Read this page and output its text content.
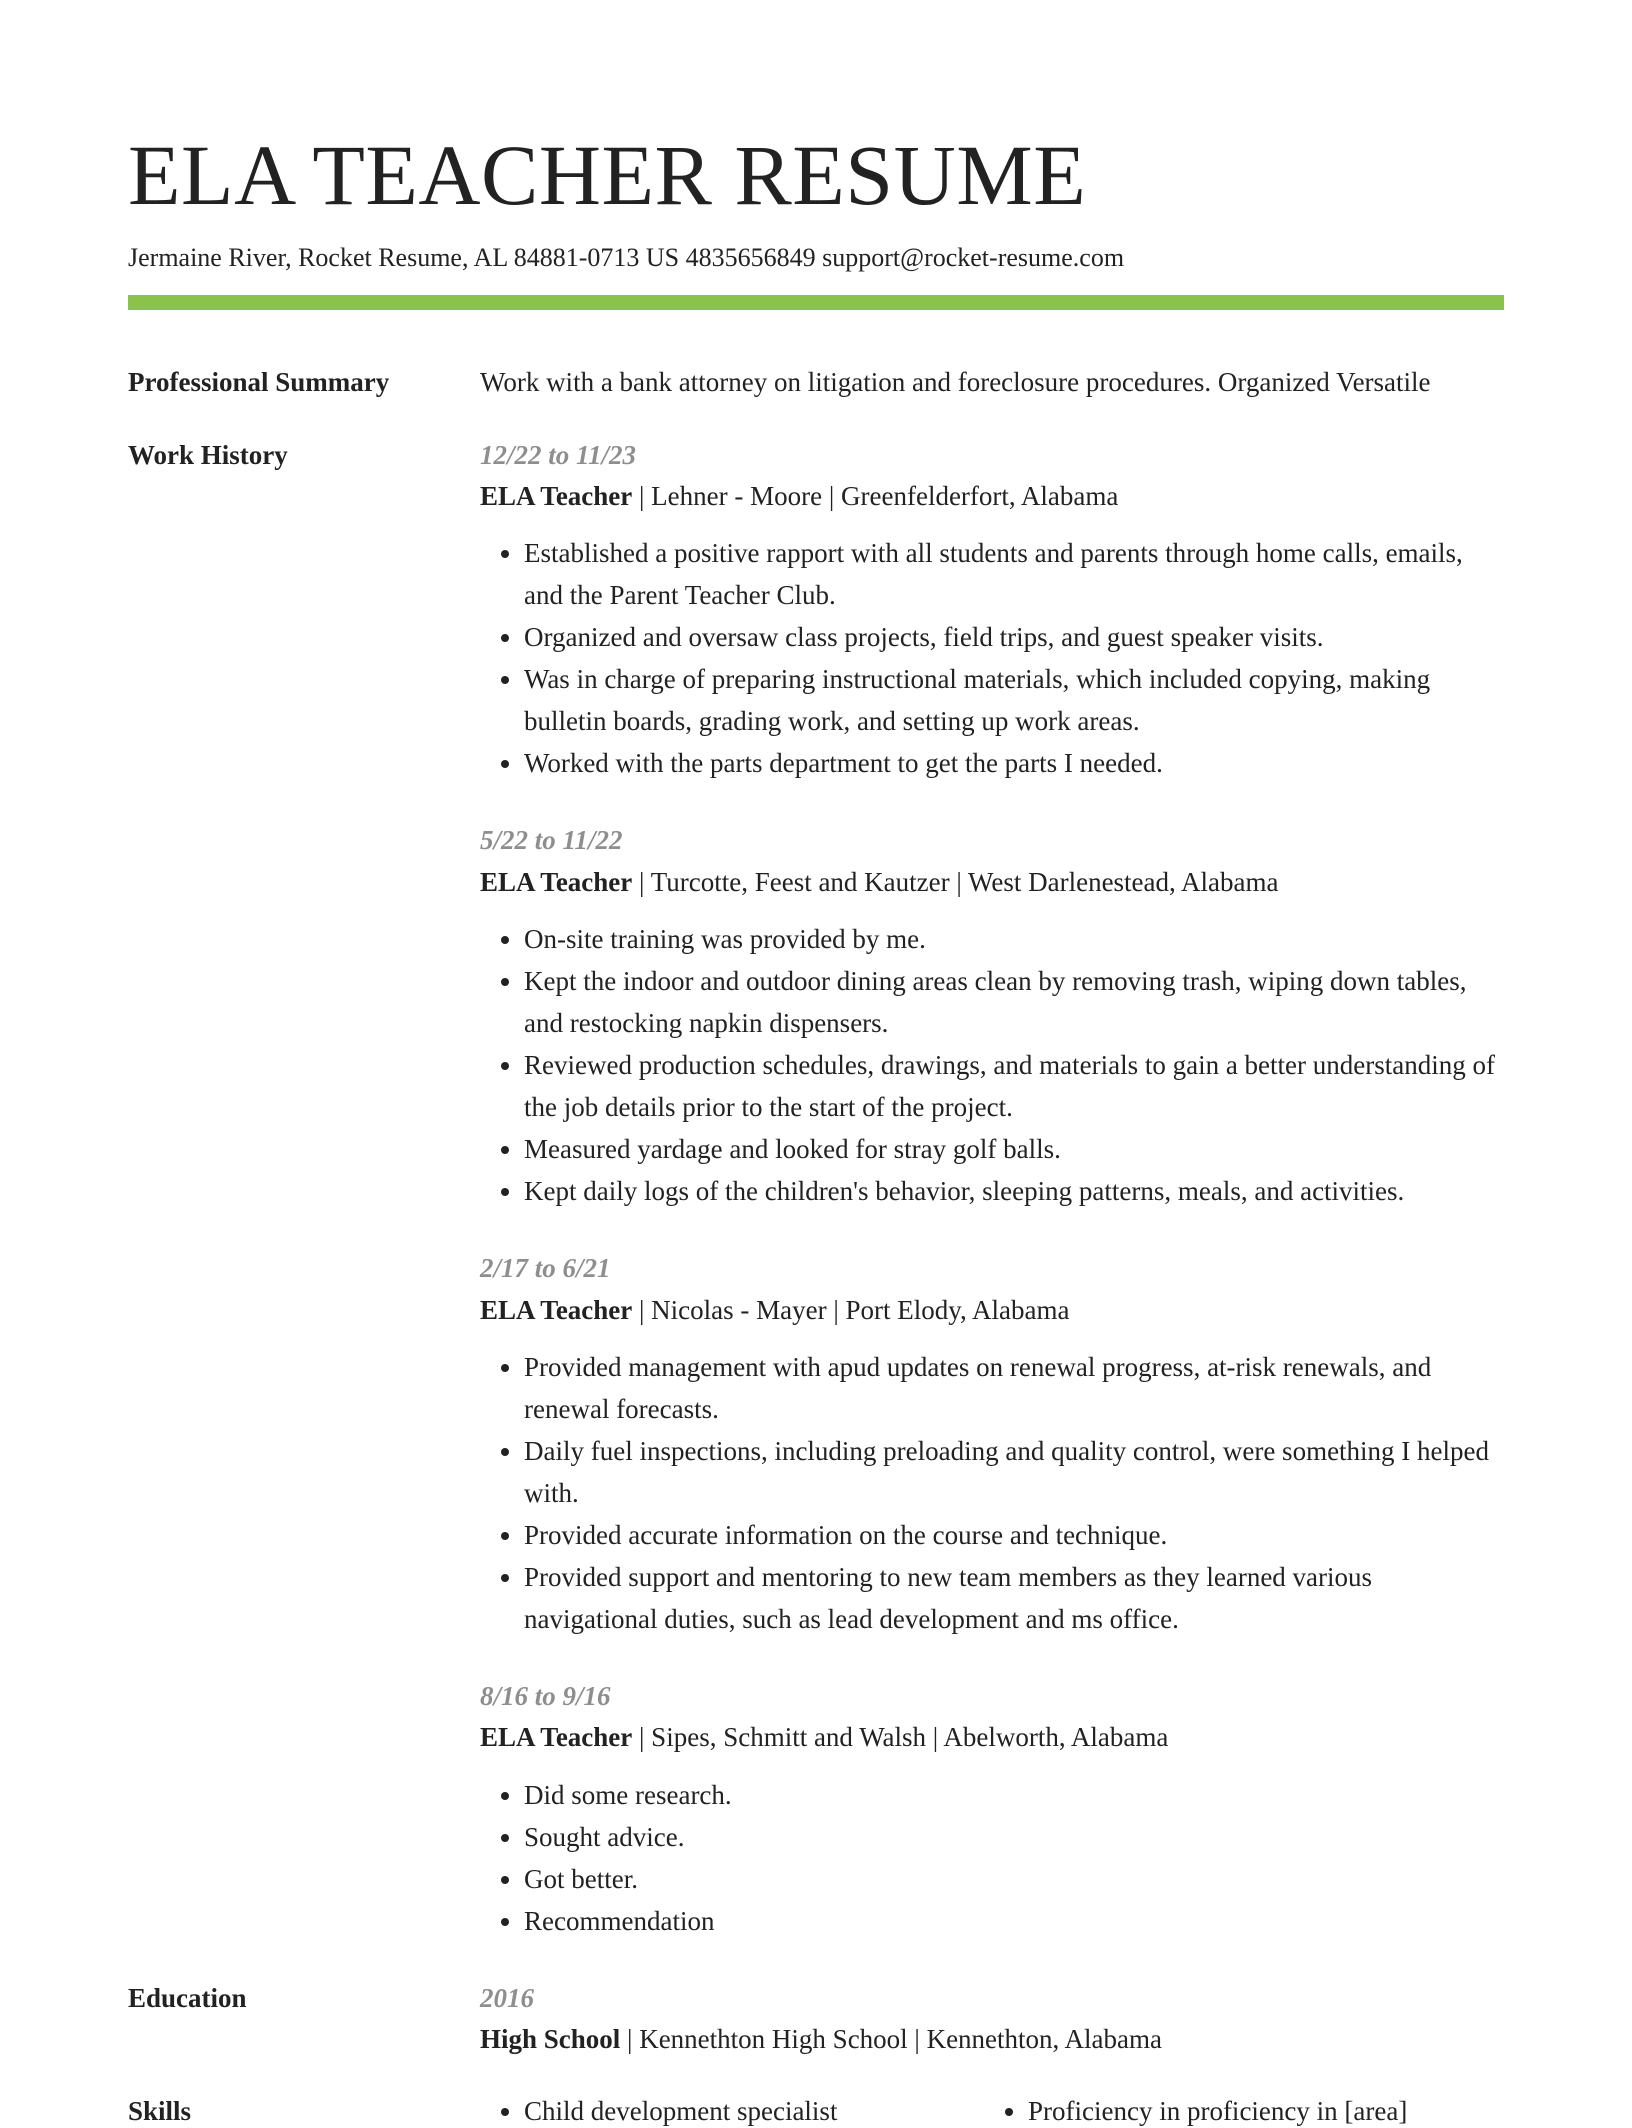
ELA TEACHER RESUME
Jermaine River, Rocket Resume, AL 84881-0713 US 4835656849 support@rocket-resume.com
Professional Summary	Work with a bank attorney on litigation and foreclosure procedures. Organized Versatile
Work History	12/22 to 11/23
ELA Teacher | Lehner - Moore | Greenfelderfort, Alabama
• Established a positive rapport with all students and parents through home calls, emails, and the Parent Teacher Club.
• Organized and oversaw class projects, field trips, and guest speaker visits.
• Was in charge of preparing instructional materials, which included copying, making bulletin boards, grading work, and setting up work areas.
• Worked with the parts department to get the parts I needed.
5/22 to 11/22
ELA Teacher | Turcotte, Feest and Kautzer | West Darlenestead, Alabama
• On-site training was provided by me.
• Kept the indoor and outdoor dining areas clean by removing trash, wiping down tables, and restocking napkin dispensers.
• Reviewed production schedules, drawings, and materials to gain a better understanding of the job details prior to the start of the project.
• Measured yardage and looked for stray golf balls.
• Kept daily logs of the children's behavior, sleeping patterns, meals, and activities.
2/17 to 6/21
ELA Teacher | Nicolas - Mayer | Port Elody, Alabama
• Provided management with apud updates on renewal progress, at-risk renewals, and renewal forecasts.
• Daily fuel inspections, including preloading and quality control, were something I helped with.
• Provided accurate information on the course and technique.
• Provided support and mentoring to new team members as they learned various navigational duties, such as lead development and ms office.
8/16 to 9/16
ELA Teacher | Sipes, Schmitt and Walsh | Abelworth, Alabama
• Did some research.
• Sought advice.
• Got better.
• Recommendation
Education	2016
High School | Kennethton High School | Kennethton, Alabama
Skills	• Child development specialist	• Proficiency in proficiency in [area]
